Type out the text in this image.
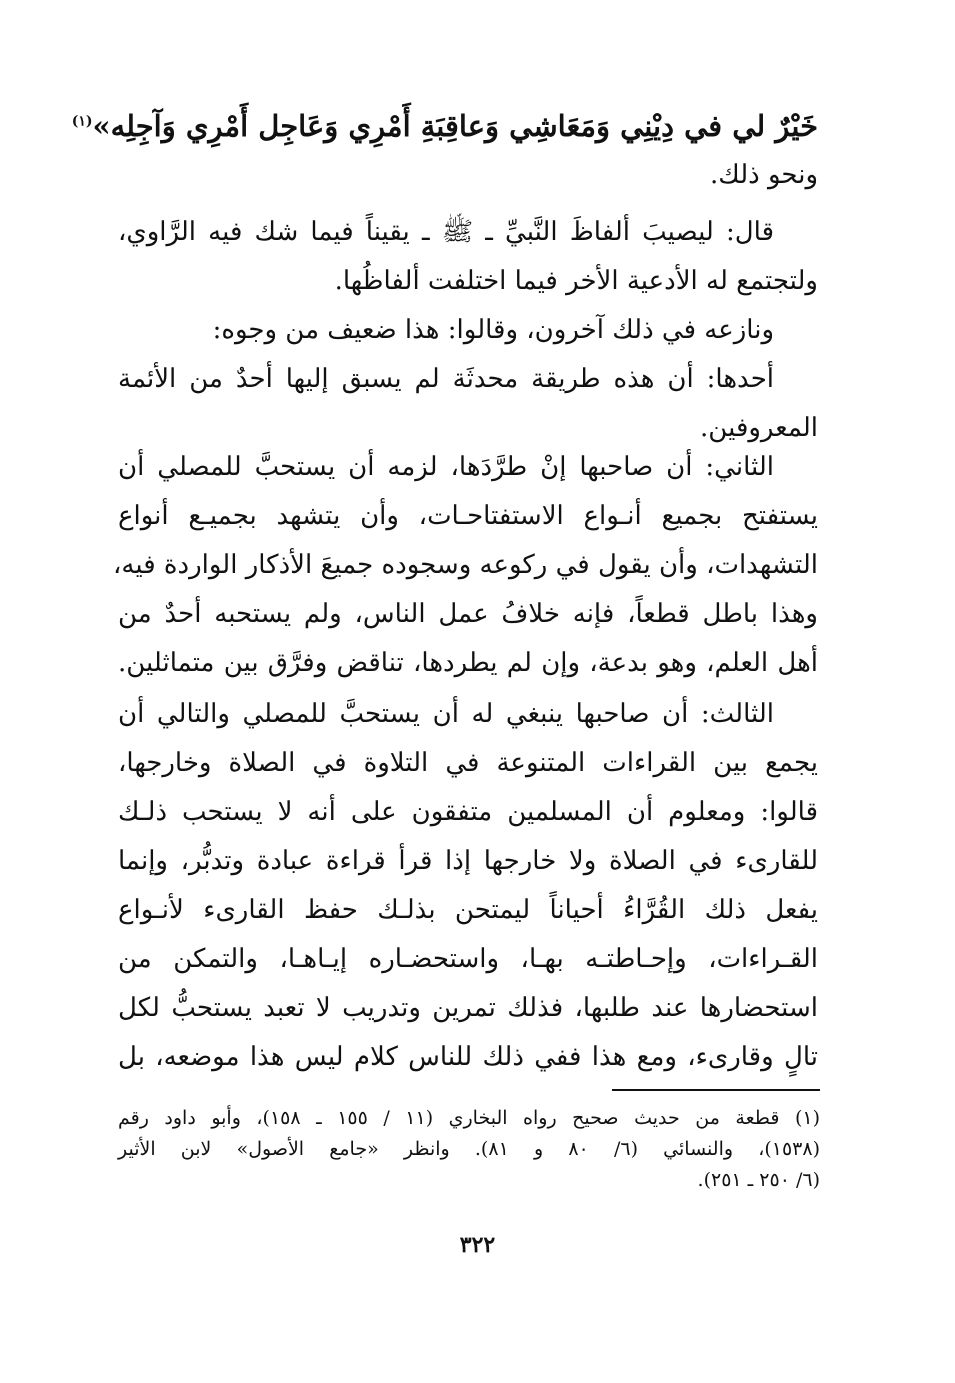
خَيْرٌ لي في دِيْنِي وَمَعَاشِي وَعاقِبَةِ أَمْرِي وَعَاجِل أَمْرِي وَآجِلِه»$^{(١)}$
ونحو ذلك.
قال: ليصيبَ ألفاظَ النَّبيِّ ـ ﷺ ـ يقيناً فيما شك فيه الرَّاوي،
ولتجتمع له الأدعية الأخر فيما اختلفت ألفاظُها.
ونازعه في ذلك آخرون، وقالوا: هذا ضعيف من وجوه:
أحدها: أن هذه طريقة محدثَة لم يسبق إليها أحدٌ من الأئمة
المعروفين.
الثاني: أن صاحبها إنْ طرَّدَها، لزمه أن يستحبَّ للمصلي أن
يستفتح بجميع أنـواع الاستفتاحـات، وأن يتشهد بجميـع أنواع
التشهدات، وأن يقول في ركوعه وسجوده جميعَ الأذكار الواردة فيه،
وهذا باطل قطعاً، فإنه خلافُ عمل الناس، ولم يستحبه أحدٌ من
أهل العلم، وهو بدعة، وإن لم يطردها، تناقض وفرَّق بين متماثلين.
الثالث: أن صاحبها ينبغي له أن يستحبَّ للمصلي والتالي أن
يجمع بين القراءات المتنوعة في التلاوة في الصلاة وخارجها،
قالوا: ومعلوم أن المسلمين متفقون على أنه لا يستحب ذلـك
للقارىء في الصلاة ولا خارجها إذا قرأ قراءة عبادة وتدبُّر، وإنما
يفعل ذلك القُرَّاءُ أحياناً ليمتحن بذلـك حفظ القارىء لأنـواع
القـراءات، وإحـاطتـه بهـا، واستحضـاره إيـاهـا، والتمكن من
استحضارها عند طلبها، فذلك تمرين وتدريب لا تعبد يستحبُّ لكل
تالٍ وقارىء، ومع هذا ففي ذلك للناس كلام ليس هذا موضعه، بل
(١) قطعة من حديث صحيح رواه البخاري (١١ / ١٥٥ ـ ١٥٨)، وأبو داود رقم
(١٥٣٨)، والنسائي (٦/ ٨٠ و ٨١). وانظر «جامع الأصول» لابن الأثير
(٦/ ٢٥٠ ـ ٢٥١).
٣٢٢
